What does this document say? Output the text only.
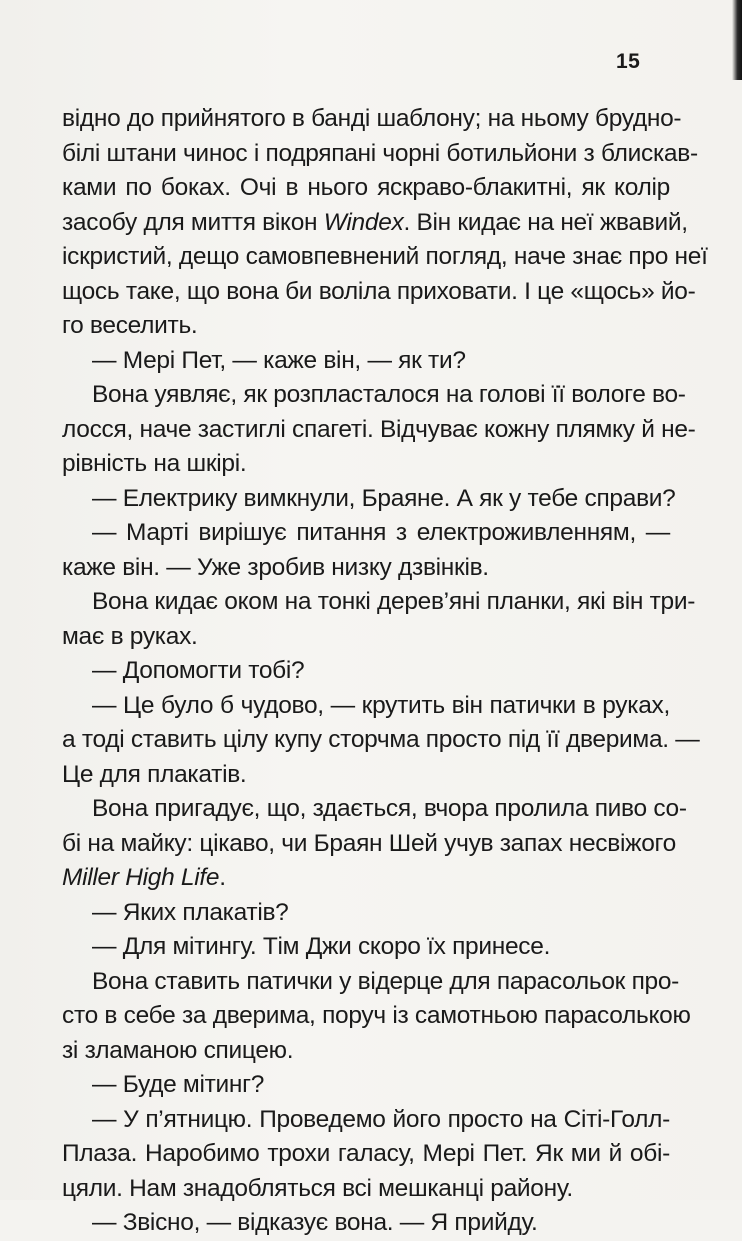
15
відно до прийнятого в банді шаблону; на ньому брудно-
білі штани чинос і подряпані чорні ботильйони з блискав-
ками по боках. Очі в нього яскраво-блакитні, як колір
засобу для миття вікон Windex. Він кидає на неї жвавий,
іскристий, дещо самовпевнений погляд, наче знає про неї
щось таке, що вона би воліла приховати. І це «щось» йо-
го веселить.
— Мері Пет, — каже він, — як ти?
Вона уявляє, як розпласталося на голові її вологе во-
лосся, наче застиглі спагеті. Відчуває кожну плямку й не-
рівність на шкірі.
— Електрику вимкнули, Браяне. А як у тебе справи?
— Марті вирішує питання з електроживленням, —
каже він. — Уже зробив низку дзвінків.
Вона кидає оком на тонкі дерев’яні планки, які він три-
має в руках.
— Допомогти тобі?
— Це було б чудово, — крутить він патички в руках,
а тоді ставить цілу купу сторчма просто під її дверима. —
Це для плакатів.
Вона пригадує, що, здається, вчора пролила пиво со-
бі на майку: цікаво, чи Браян Шей учув запах несвіжого
Miller High Life.
— Яких плакатів?
— Для мітингу. Тім Джи скоро їх принесе.
Вона ставить патички у відерце для парасольок про-
сто в себе за дверима, поруч із самотньою парасолькою
зі зламаною спицею.
— Буде мітинг?
— У п’ятницю. Проведемо його просто на Сіті-Голл-
Плаза. Наробимо трохи галасу, Мері Пет. Як ми й обі-
цяли. Нам знадобляться всі мешканці району.
— Звісно, — відказує вона. — Я прийду.
